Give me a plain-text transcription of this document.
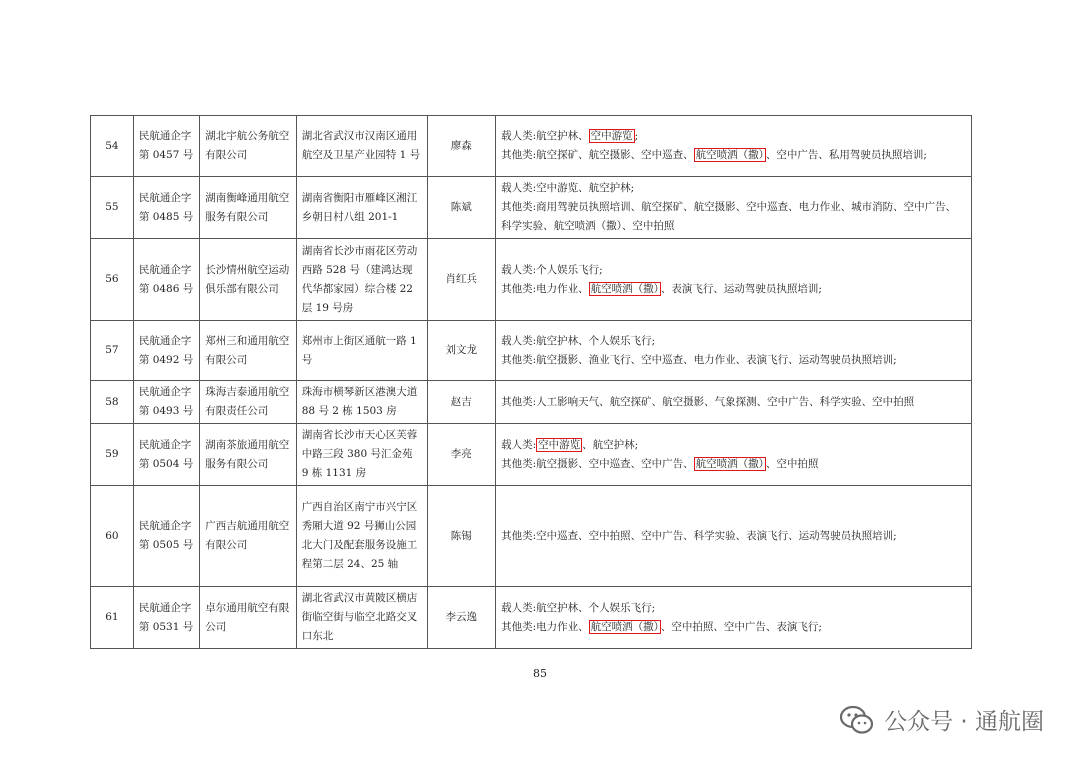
54	民航通企字第 0457 号	湖北宇航公务航空有限公司	湖北省武汉市汉南区通用航空及卫星产业园特 1 号	廖森	载人类:航空护林、 空中游览 ;
其他类:航空探矿、航空摄影、空中巡查、 航空喷洒（撒） 、空中广告、私用驾驶员执照培训;

55	民航通企字第 0485 号	湖南衡峰通用航空服务有限公司	湖南省衡阳市雁峰区湘江乡朝日村八组 201-1	陈斌	载人类:空中游览、航空护林;
其他类:商用驾驶员执照培训、航空探矿、航空摄影、空中巡查、电力作业、城市消防、空中广告、科学实验、航空喷洒（撒）、空中拍照

56	民航通企字第 0486 号	长沙情州航空运动俱乐部有限公司	湖南省长沙市雨花区劳动西路 528 号（建鸿达现代华都家园）综合楼 22 层 19 号房	肖红兵	载人类:个人娱乐飞行;
其他类:电力作业、 航空喷洒（撒） 、表演飞行、运动驾驶员执照培训;

57	民航通企字第 0492 号	郑州三和通用航空有限公司	郑州市上街区通航一路 1 号	刘文龙	载人类:航空护林、个人娱乐飞行;
其他类:航空摄影、渔业飞行、空中巡查、电力作业、表演飞行、运动驾驶员执照培训;

58	民航通企字第 0493 号	珠海吉泰通用航空有限责任公司	珠海市横琴新区港澳大道 88 号 2 栋 1503 房	赵吉	其他类:人工影响天气、航空探矿、航空摄影、气象探测、空中广告、科学实验、空中拍照

59	民航通企字第 0504 号	湖南茶旅通用航空服务有限公司	湖南省长沙市天心区芙蓉中路三段 380 号汇金苑 9 栋 1131 房	李亮	载人类: 空中游览 、航空护林;
其他类:航空摄影、空中巡查、空中广告、 航空喷洒（撒） 、空中拍照

60	民航通企字第 0505 号	广西吉航通用航空有限公司	广西自治区南宁市兴宁区秀厢大道 92 号狮山公园北大门及配套服务设施工程第二层 24、25 轴	陈锡	其他类:空中巡查、空中拍照、空中广告、科学实验、表演飞行、运动驾驶员执照培训;

61	民航通企字第 0531 号	卓尔通用航空有限公司	湖北省武汉市黄陂区横店街临空街与临空北路交叉口东北	李云逸	载人类:航空护林、个人娱乐飞行;
其他类:电力作业、 航空喷洒（撒） 、空中拍照、空中广告、表演飞行;
85
公众号 · 通航圈
